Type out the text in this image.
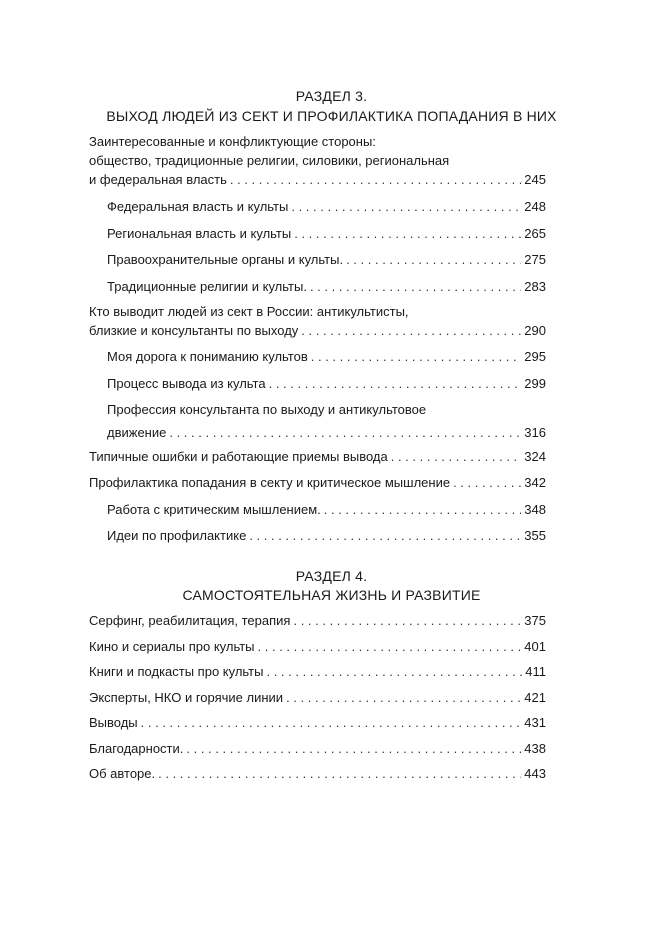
РАЗДЕЛ 3.
ВЫХОД ЛЮДЕЙ ИЗ СЕКТ И ПРОФИЛАКТИКА ПОПАДАНИЯ В НИХ
Заинтересованные и конфликтующие стороны:
общество, традиционные религии, силовики, региональная
и федеральная власть . . .	245
Федеральная власть и культы . . .	248
Региональная власть и культы . . .	265
Правоохранительные органы и культы. . . .	275
Традиционные религии и культы. . . .	283
Кто выводит людей из сект в России: антикультисты,
близкие и консультанты по выходу . . .	290
Моя дорога к пониманию культов . . .	295
Процесс вывода из культа . . .	299
Профессия консультанта по выходу и антикультовое
движение . . .	316
Типичные ошибки и работающие приемы вывода . . .	324
Профилактика попадания в секту и критическое мышление . . .	342
Работа с критическим мышлением. . . .	348
Идеи по профилактике . . .	355
РАЗДЕЛ 4.
САМОСТОЯТЕЛЬНАЯ ЖИЗНЬ И РАЗВИТИЕ
Серфинг, реабилитация, терапия . . .	375
Кино и сериалы про культы . . .	401
Книги и подкасты про культы . . .	411
Эксперты, НКО и горячие линии . . .	421
Выводы . . .	431
Благодарности. . . .	438
Об авторе. . . .	443
